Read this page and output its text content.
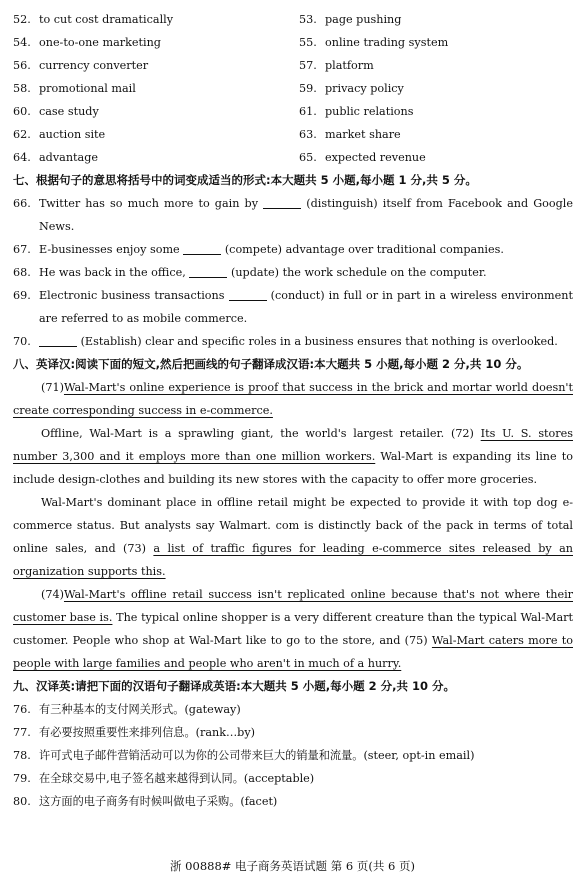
52. to cut cost dramatically	53. page pushing
54. one-to-one marketing	55. online trading system
56. currency converter	57. platform
58. promotional mail	59. privacy policy
60. case study	61. public relations
62. auction site	63. market share
64. advantage	65. expected revenue
七、根据句子的意思将括号中的词变成适当的形式:本大题共 5 小题,每小题 1 分,共 5 分。
66. Twitter has so much more to gain by	(distinguish) itself from Facebook and Google News.
67. E-businesses enjoy some	(compete) advantage over traditional companies.
68. He was back in the office,	(update) the work schedule on the computer.
69. Electronic business transactions	(conduct) in full or in part in a wireless environment are referred to as mobile commerce.
70.	(Establish) clear and specific roles in a business ensures that nothing is overlooked.
八、英译汉:阅读下面的短文,然后把画线的句子翻译成汉语:本大题共 5 小题,每小题 2 分,共 10 分。
(71)Wal-Mart's online experience is proof that success in the brick and mortar world doesn't create corresponding success in e-commerce.
Offline, Wal-Mart is a sprawling giant, the world's largest retailer. (72) Its U. S. stores number 3,300 and it employs more than one million workers. Wal-Mart is expanding its line to include design-clothes and building its new stores with the capacity to offer more groceries.
Wal-Mart's dominant place in offline retail might be expected to provide it with top dog e-commerce status. But analysts say Walmart. com is distinctly back of the pack in terms of total online sales, and (73) a list of traffic figures for leading e-commerce sites released by an organization supports this.
(74)Wal-Mart's offline retail success isn't replicated online because that's not where their customer base is. The typical online shopper is a very different creature than the typical Wal-Mart customer. People who shop at Wal-Mart like to go to the store, and (75) Wal-Mart caters more to people with large families and people who aren't in much of a hurry.
九、汉译英:请把下面的汉语句子翻译成英语:本大题共 5 小题,每小题 2 分,共 10 分。
76. 有三种基本的支付网关形式。(gateway)
77. 有必要按照重要性来排列信息。(rank…by)
78. 许可式电子邮件营销活动可以为你的公司带来巨大的销量和流量。(steer, opt-in email)
79. 在全球交易中,电子签名越来越得到认同。(acceptable)
80. 这方面的电子商务有时候叫做电子采购。(facet)
浙 00888# 电子商务英语试题 第 6 页(共 6 页)
